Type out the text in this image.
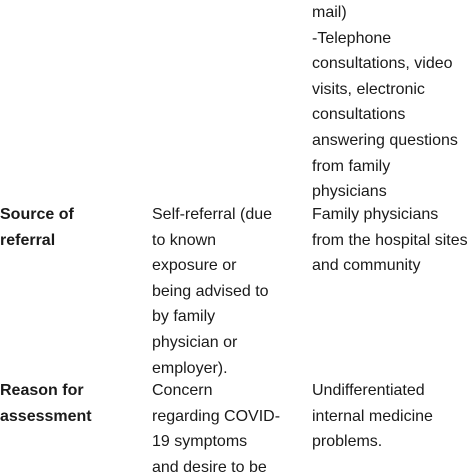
mail)
-Telephone
consultations, video
visits, electronic
consultations
answering questions
from family
physicians
Source of
referral
Self-referral (due
to known
exposure or
being advised to
by family
physician or
employer).
Family physicians
from the hospital sites
and community
Reason for
assessment
Concern
regarding COVID-
19 symptoms
and desire to be
Undifferentiated
internal medicine
problems.
